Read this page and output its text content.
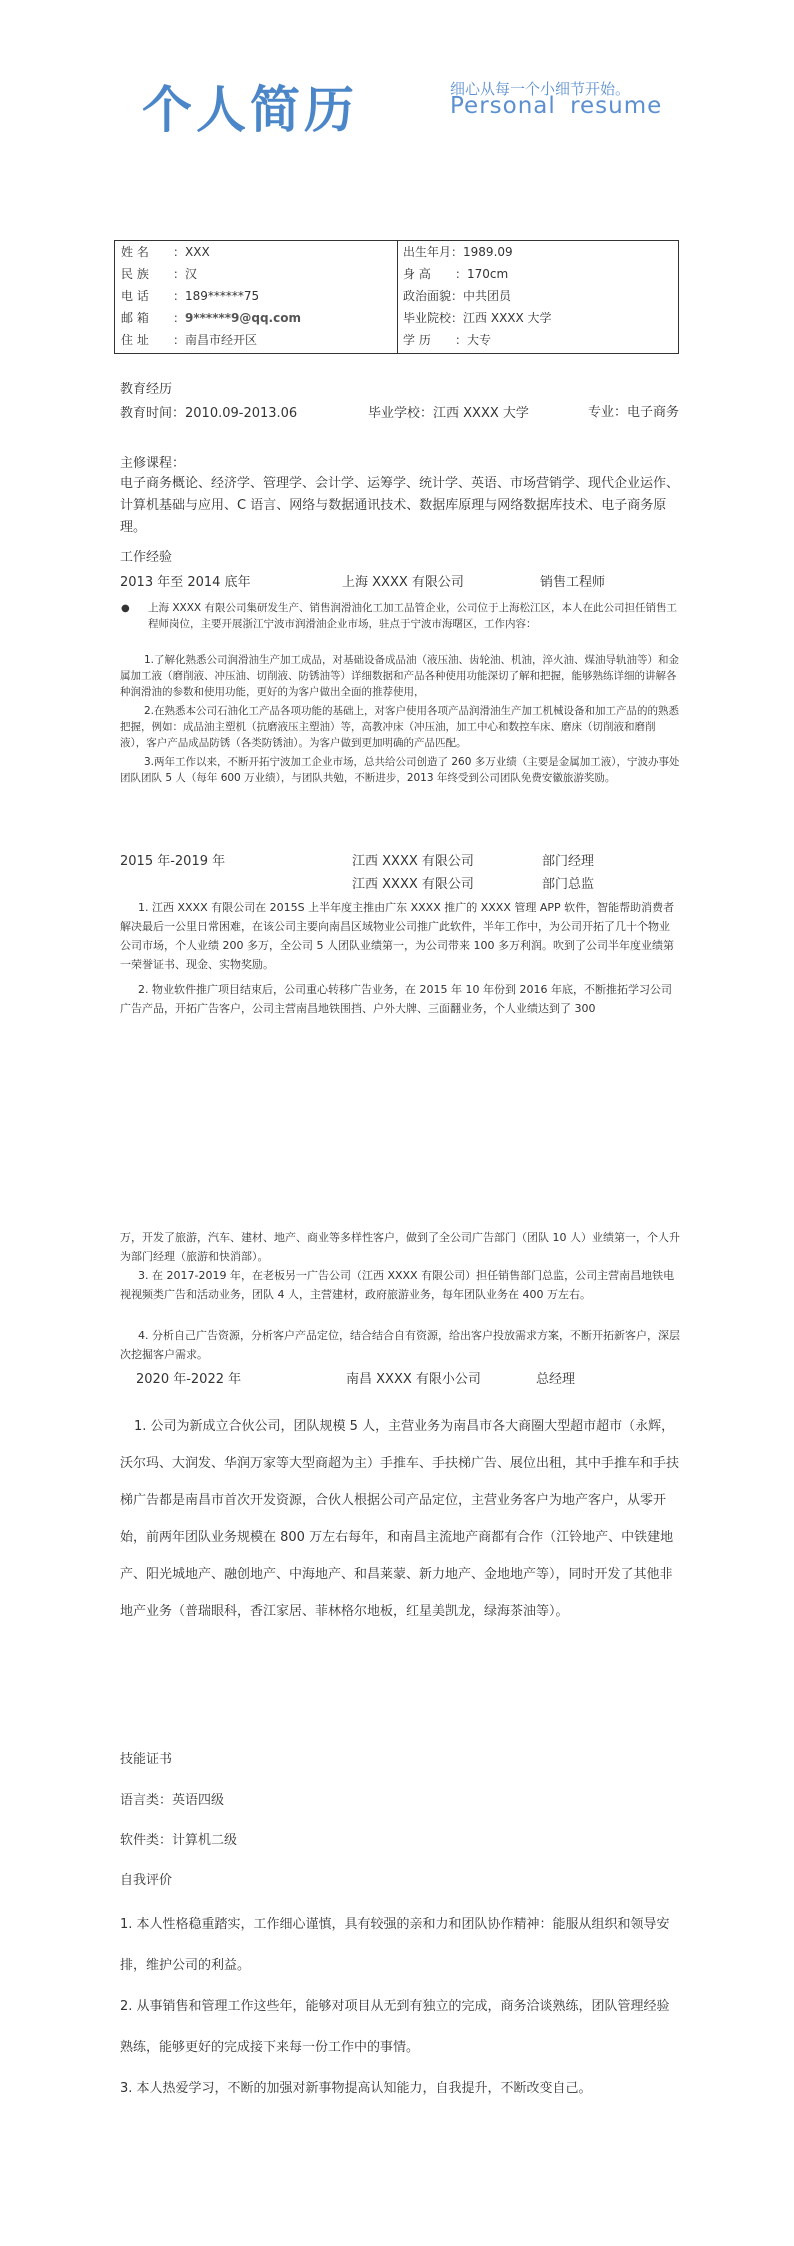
个人简历	细心从每一个小细节开始。
Personal resume
姓 名 ：XXX
民 族 ：汉
电 话 ：189******75
邮 箱 ：9******9@qq.com
住 址 ：南昌市经开区
出生年月：1989.09
身 高 ：170cm
政治面貌：中共团员
毕业院校：江西 XXXX 大学
学 历 ：大专
教育经历
教育时间：2010.09-2013.06	毕业学校：江西 XXXX 大学	专业：电子商务
主修课程：
电子商务概论、经济学、管理学、会计学、运筹学、统计学、英语、市场营销学、现代企业运作、计算机基础与应用、C 语言、网络与数据通讯技术、数据库原理与网络数据库技术、电子商务原理。
工作经验
2013 年至 2014 底年	上海 XXXX 有限公司	销售工程师
● 上海 XXXX 有限公司集研发生产、销售润滑油化工加工品管企业，公司位于上海松江区，本人在此公司担任销售工程师岗位，主要开展浙江宁波市润滑油企业市场，驻点于宁波市海曙区，工作内容：
1.了解化熟悉公司润滑油生产加工成品，对基础设备成品油（液压油、齿轮油、机油，淬火油、煤油导轨油等）和金属加工液（磨削液、冲压油、切削液、防锈油等）详细数据和产品各种使用功能深切了解和把握，能够熟练详细的讲解各种润滑油的参数和使用功能，更好的为客户做出全面的推荐使用，
2.在熟悉本公司石油化工产品各项功能的基础上，对客户使用各项产品润滑油生产加工机械设备和加工产品的的熟悉把握，例如：成品油主塑机（抗磨液压主塑油）等，高教冲床（冲压油，加工中心和数控车床、磨床（切削液和磨削液），客户产品成品防锈（各类防锈油）。为客户做到更加明确的产品匹配。
3.两年工作以来，不断开拓宁波加工企业市场，总共给公司创造了 260 多万业绩（主要是金属加工液），宁波办事处团队团队 5 人（每年 600 万业绩），与团队共勉，不断进步，2013 年终受到公司团队免费安徽旅游奖励。
2015 年-2019 年	江西 XXXX 有限公司	部门经理
江西 XXXX 有限公司	部门总监
1. 江西 XXXX 有限公司在 2015S 上半年度主推由广东 XXXX 推广的 XXXX 管理 APP 软件，智能帮助消费者解决最后一公里日常困难，在该公司主要向南昌区域物业公司推广此软件，半年工作中，为公司开拓了几十个物业公司市场，个人业绩 200 多万，全公司 5 人团队业绩第一，为公司带来 100 多万利润。吹到了公司半年度业绩第一荣誉证书、现金、实物奖励。
2. 物业软件推广项目结束后，公司重心转移广告业务，在 2015 年 10 年份到 2016 年底，不断推拓学习公司广告产品，开拓广告客户，公司主营南昌地铁围挡、户外大牌、三面翻业务，个人业绩达到了 300
万，开发了旅游，汽车、建材、地产、商业等多样性客户，做到了全公司广告部门（团队 10 人）业绩第一，个人升为部门经理（旅游和快消部）。
3. 在 2017-2019 年，在老板另一广告公司（江西 XXXX 有限公司）担任销售部门总监，公司主营南昌地铁电视视频类广告和活动业务，团队 4 人，主营建材，政府旅游业务，每年团队业务在 400 万左右。
4. 分析自己广告资源，分析客户产品定位，结合结合自有资源，给出客户投放需求方案，不断开拓新客户，深层次挖掘客户需求。
2020 年-2022 年	南昌 XXXX 有限小公司	总经理
1. 公司为新成立合伙公司，团队规模 5 人，主营业务为南昌市各大商圈大型超市超市（永辉，沃尔玛、大润发、华润万家等大型商超为主）手推车、手扶梯广告、展位出租，其中手推车和手扶梯广告都是南昌市首次开发资源，合伙人根据公司产品定位，主营业务客户为地产客户，从零开始，前两年团队业务规模在 800 万左右每年，和南昌主流地产商都有合作（江铃地产、中铁建地产、阳光城地产、融创地产、中海地产、和昌莱蒙、新力地产、金地地产等），同时开发了其他非地产业务（普瑞眼科，香江家居、菲林格尔地板，红星美凯龙，绿海茶油等）。
技能证书
语言类：英语四级
软件类：计算机二级
自我评价
1. 本人性格稳重踏实，工作细心谨慎，具有较强的亲和力和团队协作精神：能服从组织和领导安排，维护公司的利益。
2. 从事销售和管理工作这些年，能够对项目从无到有独立的完成，商务洽谈熟练，团队管理经验熟练，能够更好的完成接下来每一份工作中的事情。
3. 本人热爱学习，不断的加强对新事物提高认知能力，自我提升，不断改变自己。
